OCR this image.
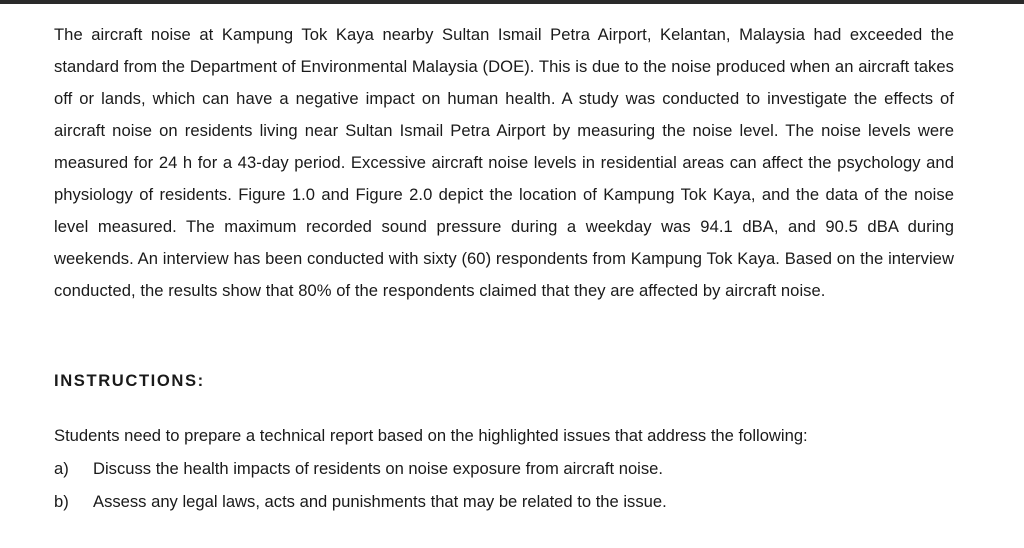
The aircraft noise at Kampung Tok Kaya nearby Sultan Ismail Petra Airport, Kelantan, Malaysia had exceeded the standard from the Department of Environmental Malaysia (DOE). This is due to the noise produced when an aircraft takes off or lands, which can have a negative impact on human health. A study was conducted to investigate the effects of aircraft noise on residents living near Sultan Ismail Petra Airport by measuring the noise level. The noise levels were measured for 24 h for a 43-day period. Excessive aircraft noise levels in residential areas can affect the psychology and physiology of residents. Figure 1.0 and Figure 2.0 depict the location of Kampung Tok Kaya, and the data of the noise level measured. The maximum recorded sound pressure during a weekday was 94.1 dBA, and 90.5 dBA during weekends. An interview has been conducted with sixty (60) respondents from Kampung Tok Kaya. Based on the interview conducted, the results show that 80% of the respondents claimed that they are affected by aircraft noise.

INSTRUCTIONS:

Students need to prepare a technical report based on the highlighted issues that address the following:

a)	Discuss the health impacts of residents on noise exposure from aircraft noise.
b)	Assess any legal laws, acts and punishments that may be related to the issue.
